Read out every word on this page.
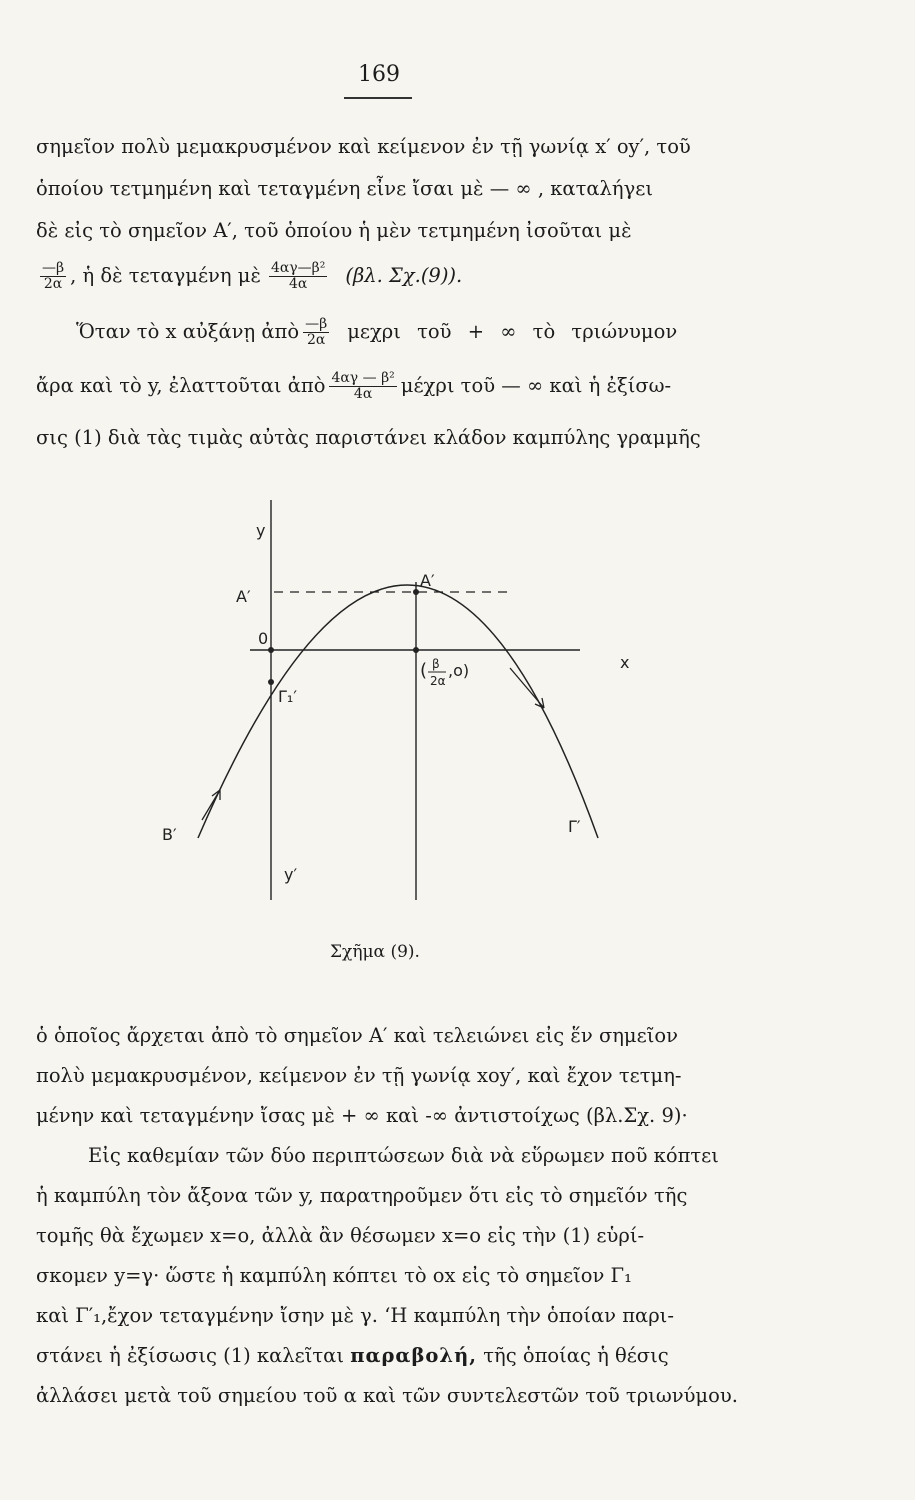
169
σημεῖον πολὺ μεμακρυσμένον καὶ κείμενον ἐν τῇ γωνίᾳ x′ oy′, τοῦ
ὁποίου τετμημένη καὶ τεταγμένη εἶνε ἴσαι μὲ — ∞ , καταλήγει
δὲ εἰς τὸ σημεῖον Α′, τοῦ ὁποίου ἡ μὲν τετμημένη ἰσοῦται μὲ
$\frac{—\beta}{2\alpha}$ , ἡ δὲ τεταγμένη μὲ $\frac{\text{4αγ—β²}}{4\alpha} (\beta\lambda$. Σχ.(9)).
Ὅταν τὸ x αὐξάνῃ ἀπὸ $\frac{—\beta}{2\alpha}$ μεχρι τοῦ + ∞ τὸ τριώνυμον
ἄρα καὶ τὸ y, ἐλαττοῦται ἀπὸ $\frac{\text{4αγ — β²}}{4\alpha}$ μέχρι τοῦ — ∞ καὶ ἡ ἐξίσω-
σις (1) διὰ τὰς τιμὰς αὐτὰς παριστάνει κλάδον καμπύλης γραμμῆς
y
y′
x
Α′
Α′
0
Γ₁′
( β
2α
,o)
Β′	Γ′
Σχῆμα (9).
ὁ ὁποῖος ἄρχεται ἀπὸ τὸ σημεῖον Α′ καὶ τελειώνει εἰς ἕν σημεῖον
πολὺ μεμακρυσμένον, κείμενον ἐν τῇ γωνίᾳ xoy′, καὶ ἔχον τετμη-
μένην καὶ τεταγμένην ἴσας μὲ + ∞ καὶ -∞ ἀντιστοίχως (βλ.Σχ. 9)·
Εἰς καθεμίαν τῶν δύο περιπτώσεων διὰ νὰ εὕρωμεν ποῦ κόπτει
ἡ καμπύλη τὸν ἄξονα τῶν y, παρατηροῦμεν ὅτι εἰς τὸ σημεῖόν τῆς
τομῆς θὰ ἔχωμεν x=o, ἀλλὰ ἂν θέσωμεν x=o εἰς τὴν (1) εὑρί-
σκομεν y=γ· ὥστε ἡ καμπύλη κόπτει τὸ ox εἰς τὸ σημεῖον Γ₁
καὶ Γ′₁,ἔχον τεταγμένην ἴσην μὲ γ. ‘Η καμπύλη τὴν ὁποίαν παρι-
στάνει ἡ ἐξίσωσις (1) καλεῖται παραβολή, τῆς ὁποίας ἡ θέσις
ἀλλάσει μετὰ τοῦ σημείου τοῦ α καὶ τῶν συντελεστῶν τοῦ τριωνύμου.
